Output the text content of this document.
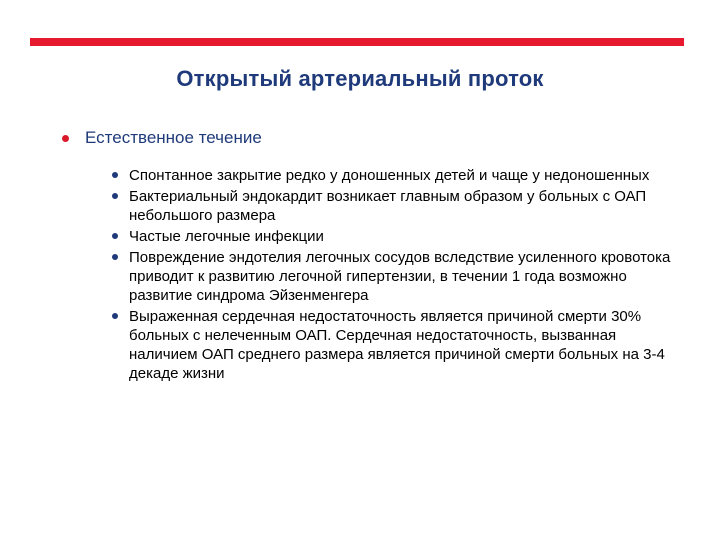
Открытый артериальный проток
Естественное течение
Спонтанное закрытие редко у доношенных детей и чаще у недоношенных
Бактериальный эндокардит возникает главным образом у больных с ОАП небольшого размера
Частые легочные инфекции
Повреждение эндотелия легочных сосудов вследствие усиленного кровотока приводит к развитию легочной гипертензии, в течении 1 года возможно развитие синдрома Эйзенменгера
Выраженная сердечная недостаточность является причиной смерти 30% больных с нелеченным ОАП. Сердечная недостаточность, вызванная наличием ОАП среднего размера является причиной смерти больных на 3-4 декаде жизни
